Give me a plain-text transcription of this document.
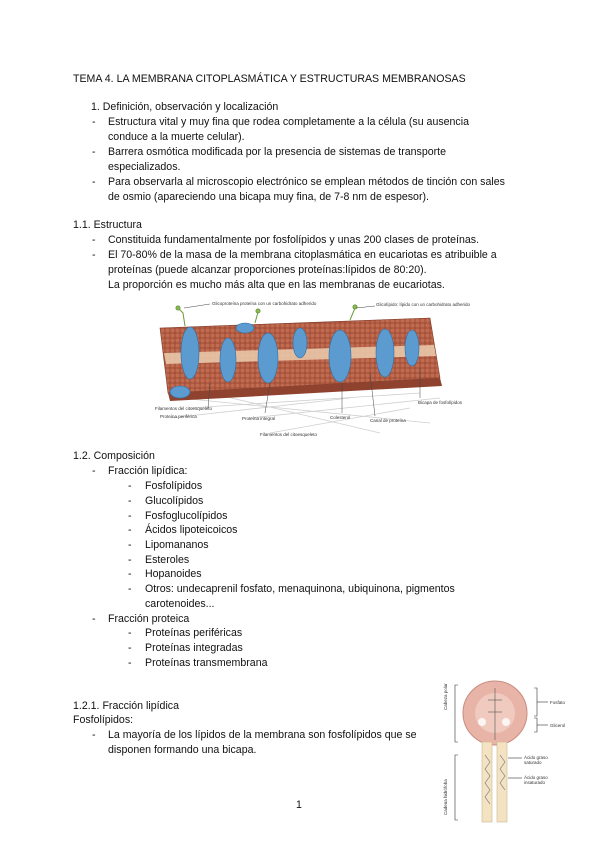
TEMA 4. LA MEMBRANA CITOPLASMÁTICA Y ESTRUCTURAS MEMBRANOSAS
1. Definición, observación y localización
- Estructura vital y muy fina que rodea completamente a la célula (su ausencia
conduce a la muerte celular).
- Barrera osmótica modificada por la presencia de sistemas de transporte
especializados.
- Para observarla al microscopio electrónico se emplean métodos de tinción con sales
de osmio (apareciendo una bicapa muy fina, de 7-8 nm de espesor).
1.1. Estructura
- Constituida fundamentalmente por fosfolípidos y unas 200 clases de proteínas.
- El 70-80% de la masa de la membrana citoplasmática en eucariotas es atribuible a
proteínas (puede alcanzar proporciones proteínas:lípidos de 80:20).
La proporción es mucho más alta que en las membranas de eucariotas.
Glicoproteína proteína con un carbohidrato adherido	Glicolípido: lípido con un carbohidrato adherido
Filamentos del citoesqueleto
Proteína periférica	Proteína integral	Colesterol
Canal de proteína
Bicapa de fosfolípidos
Filamentos del citoesqueleto
1.2. Composición
- Fracción lipídica:
- Fosfolípidos
- Glucolípidos
- Fosfoglucolípidos
- Ácidos lipoteicoicos
- Lipomananos
- Esteroles
- Hopanoides
- Otros: undecaprenil fosfato, menaquinona, ubiquinona, pigmentos
carotenoides...
- Fracción proteica
- Proteínas periféricas
- Proteínas integradas
- Proteínas transmembrana
1.2.1. Fracción lipídica
Fosfolípidos:
- La mayoría de los lípidos de la membrana son fosfolípidos que se
disponen formando una bicapa.
Cabeza polar	Fosfato
Glicerol
Ácido graso saturado
Ácido graso insaturado
Cadena hidrófoba
1
